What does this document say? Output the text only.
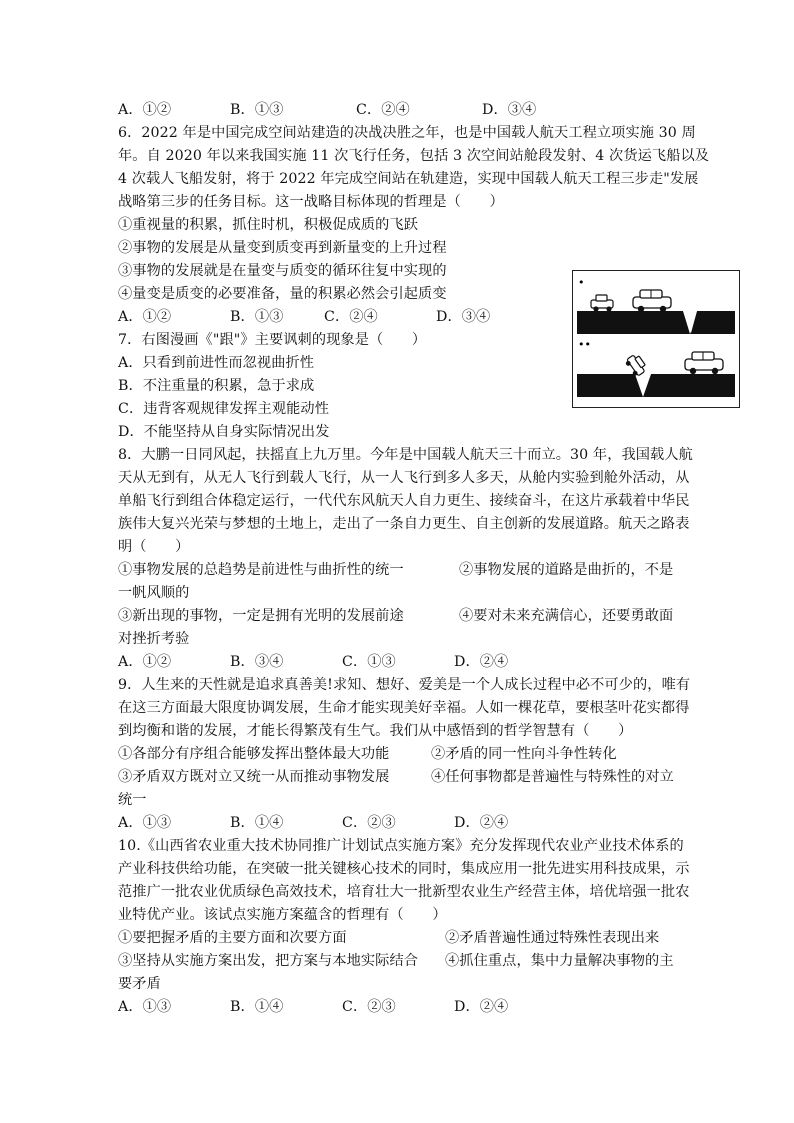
A．①②	B．①③	C．②④	D．③④
6．2022 年是中国完成空间站建造的决战决胜之年，也是中国载人航天工程立项实施 30 周
年。自 2020 年以来我国实施 11 次飞行任务，包括 3 次空间站舱段发射、4 次货运飞船以及
4 次载人飞船发射，将于 2022 年完成空间站在轨建造，实现中国载人航天工程三步走"发展
战略第三步的任务目标。这一战略目标体现的哲理是（　　）
①重视量的积累，抓住时机，积极促成质的飞跃
②事物的发展是从量变到质变再到新量变的上升过程
③事物的发展就是在量变与质变的循环往复中实现的
④量变是质变的必要准备，量的积累必然会引起质变
A．①②	B．①③	C．②④	D．③④
7．右图漫画《"跟"》主要讽刺的现象是（　　）
A．只看到前进性而忽视曲折性
B．不注重量的积累，急于求成
C．违背客观规律发挥主观能动性
D．不能坚持从自身实际情况出发
•
••
8．大鹏一日同风起，扶摇直上九万里。今年是中国载人航天三十而立。30 年，我国载人航
天从无到有，从无人飞行到载人飞行，从一人飞行到多人多天，从舱内实验到舱外活动，从
单船飞行到组合体稳定运行，一代代东风航天人自力更生、接续奋斗，在这片承载着中华民
族伟大复兴光荣与梦想的土地上，走出了一条自力更生、自主创新的发展道路。航天之路表
明（　　）
①事物发展的总趋势是前进性与曲折性的统一	②事物发展的道路是曲折的，不是
一帆风顺的
③新出现的事物，一定是拥有光明的发展前途	④要对未来充满信心，还要勇敢面
对挫折考验
A．①②	B．③④	C．①③	D．②④
9．人生来的天性就是追求真善美!求知、想好、爱美是一个人成长过程中必不可少的，唯有
在这三方面最大限度协调发展，生命才能实现美好幸福。人如一棵花草，要根茎叶花实都得
到均衡和谐的发展，才能长得繁茂有生气。我们从中感悟到的哲学智慧有（　　）
①各部分有序组合能够发挥出整体最大功能	②矛盾的同一性向斗争性转化
③矛盾双方既对立又统一从而推动事物发展	④任何事物都是普遍性与特殊性的对立
统一
A．①③	B．①④	C．②③	D．②④
10.《山西省农业重大技术协同推广计划试点实施方案》充分发挥现代农业产业技术体系的
产业科技供给功能，在突破一批关键核心技术的同时，集成应用一批先进实用科技成果，示
范推广一批农业优质绿色高效技术，培育壮大一批新型农业生产经营主体，培优培强一批农
业特优产业。该试点实施方案蕴含的哲理有（　　）
①要把握矛盾的主要方面和次要方面	②矛盾普遍性通过特殊性表现出来
③坚持从实施方案出发，把方案与本地实际结合 ④抓住重点，集中力量解决事物的主
要矛盾
A．①③	B．①④	C．②③	D．②④
